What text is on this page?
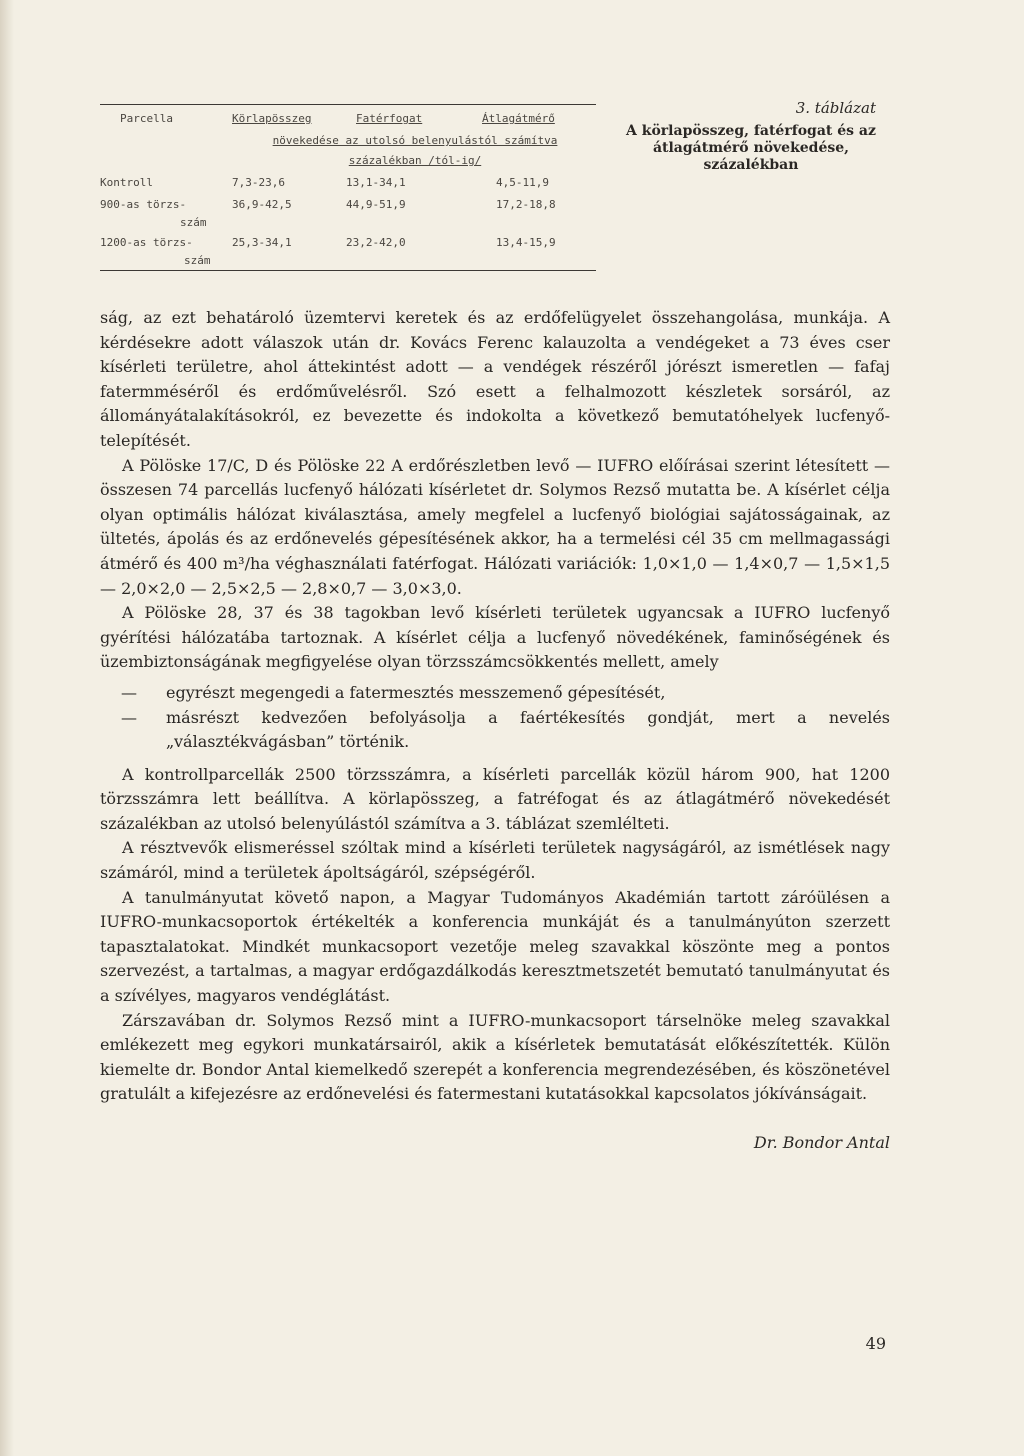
Parcella	Körlapösszeg	Fatérfogat	Átlagátmérő
növekedése az utolsó belenyulástól számítva
százalékban /tól-ig/
Kontroll	7,3-23,6	13,1-34,1	4,5-11,9
900-as törzs-	36,9-42,5	44,9-51,9	17,2-18,8
szám
1200-as törzs-	25,3-34,1	23,2-42,0	13,4-15,9
szám
3. táblázat
A körlapösszeg, fatérfogat és az átlagátmérő növekedése, százalékban

ság, az ezt behatároló üzemtervi keretek és az erdőfelügyelet összehangolása, munkája. A kérdésekre adott válaszok után dr. Kovács Ferenc kalauzolta a vendégeket a 73 éves cser kísérleti területre, ahol áttekintést adott — a vendégek részéről jórészt ismeretlen — fafaj fatermméséről és erdőművelésről. Szó esett a felhalmozott készletek sorsáról, az állományátalakításokról, ez bevezette és indokolta a következő bemutatóhelyek lucfenyő-telepítését.

A Pölöske 17/C, D és Pölöske 22 A erdőrészletben levő — IUFRO előírásai szerint létesített — összesen 74 parcellás lucfenyő hálózati kísérletet dr. Solymos Rezső mutatta be. A kísérlet célja olyan optimális hálózat kiválasztása, amely megfelel a lucfenyő biológiai sajátosságainak, az ültetés, ápolás és az erdőnevelés gépesítésének akkor, ha a termelési cél 35 cm mellmagassági átmérő és 400 m³/ha véghasználati fatérfogat. Hálózati variációk: 1,0×1,0 — 1,4×0,7 — 1,5×1,5 — 2,0×2,0 — 2,5×2,5 — 2,8×0,7 — 3,0×3,0.

A Pölöske 28, 37 és 38 tagokban levő kísérleti területek ugyancsak a IUFRO lucfenyő gyérítési hálózatába tartoznak. A kísérlet célja a lucfenyő növedékének, faminőségének és üzembiztonságának megfigyelése olyan törzsszámcsökkentés mellett, amely

— egyrészt megengedi a fatermesztés messzemenő gépesítését,
— másrészt kedvezően befolyásolja a faértékesítés gondját, mert a nevelés „választékvágásban” történik.

A kontrollparcellák 2500 törzsszámra, a kísérleti parcellák közül három 900, hat 1200 törzsszámra lett beállítva. A körlapösszeg, a fatréfogat és az átlagátmérő növekedését százalékban az utolsó belenyúlástól számítva a 3. táblázat szemlélteti.

A résztvevők elismeréssel szóltak mind a kísérleti területek nagyságáról, az ismétlések nagy számáról, mind a területek ápoltságáról, szépségéről.

A tanulmányutat követő napon, a Magyar Tudományos Akadémián tartott záróülésen a IUFRO-munkacsoportok értékelték a konferencia munkáját és a tanulmányúton szerzett tapasztalatokat. Mindkét munkacsoport vezetője meleg szavakkal köszönte meg a pontos szervezést, a tartalmas, a magyar erdőgazdálkodás keresztmetszetét bemutató tanulmányutat és a szívélyes, magyaros vendéglátást.

Zárszavában dr. Solymos Rezső mint a IUFRO-munkacsoport társelnöke meleg szavakkal emlékezett meg egykori munkatársairól, akik a kísérletek bemutatását előkészítették. Külön kiemelte dr. Bondor Antal kiemelkedő szerepét a konferencia megrendezésében, és köszönetével gratulált a kifejezésre az erdőnevelési és fatermestani kutatásokkal kapcsolatos jókívánságait.

Dr. Bondor Antal
49
